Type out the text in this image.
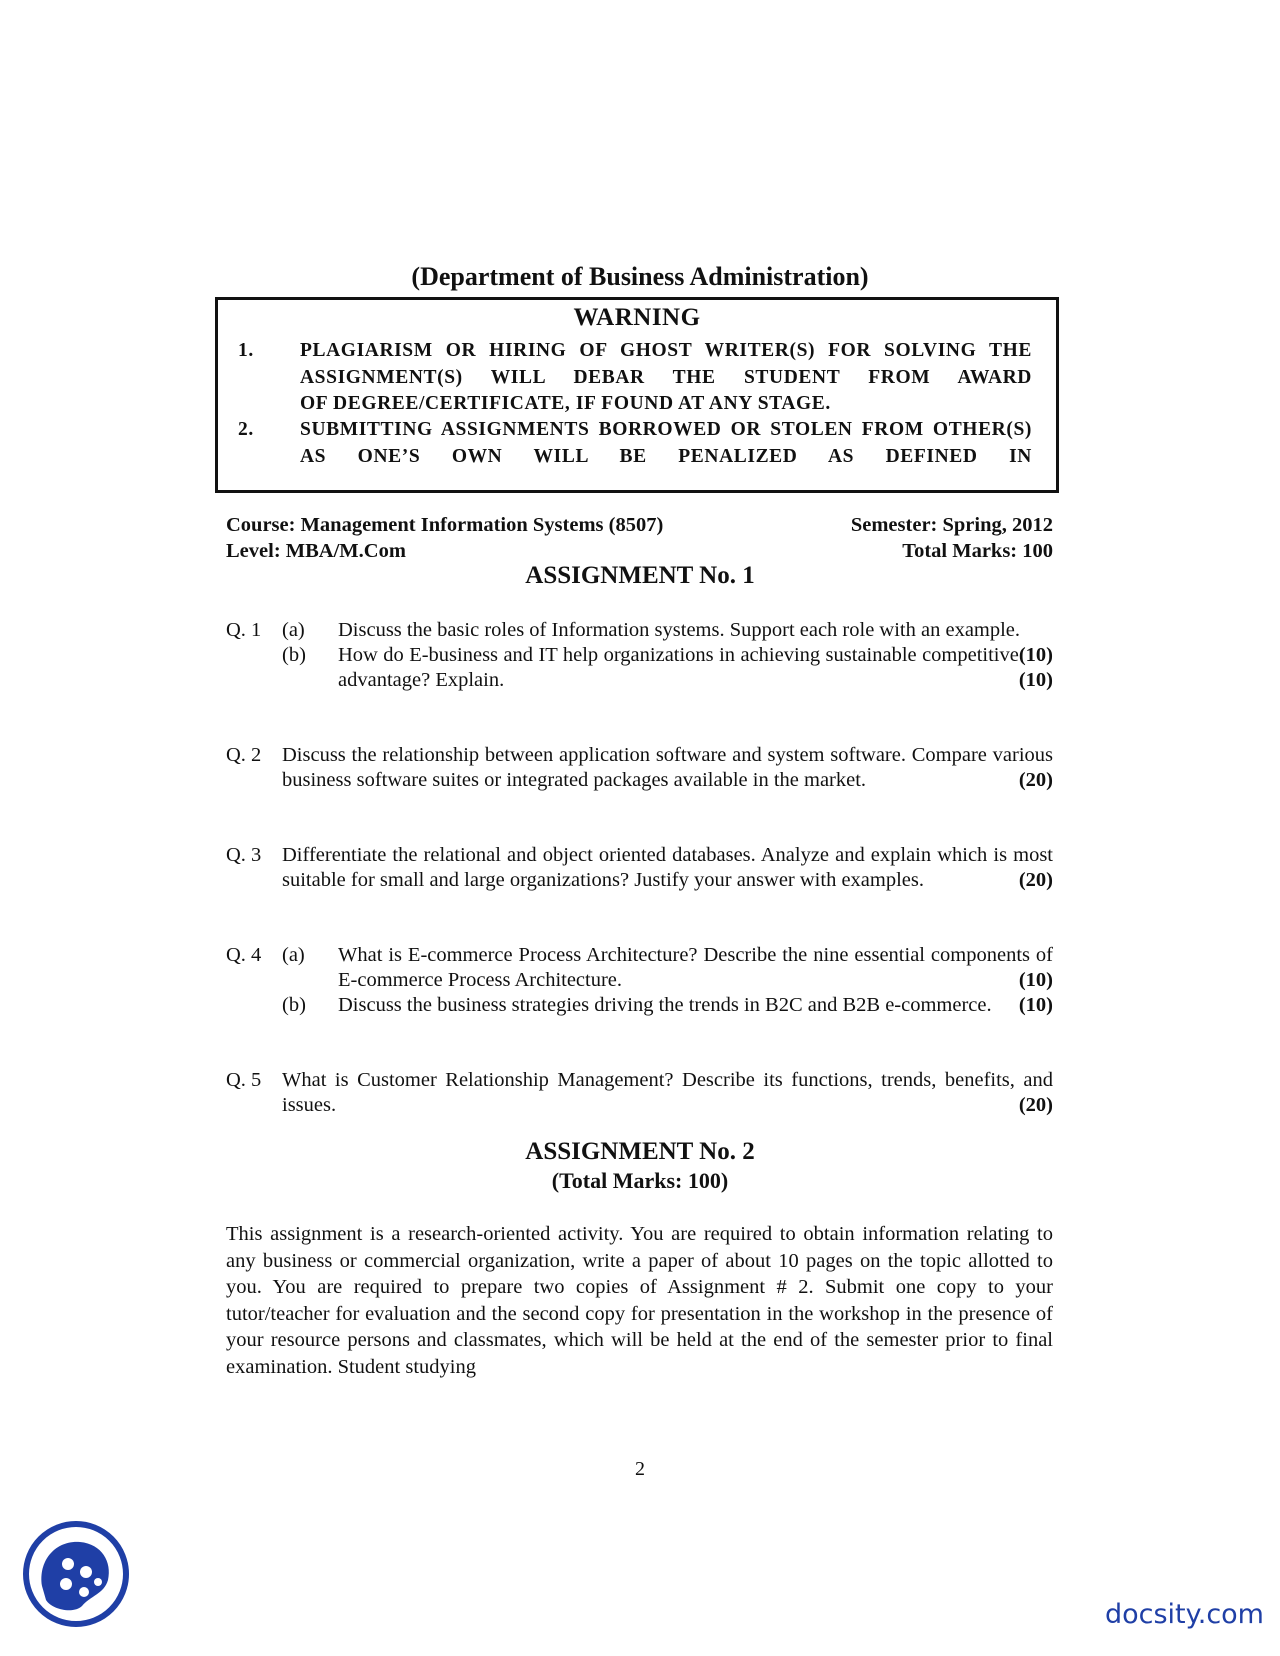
(Department of Business Administration)
WARNING
1.	PLAGIARISM OR HIRING OF GHOST WRITER(S) FOR SOLVING THE ASSIGNMENT(S) WILL DEBAR THE STUDENT FROM AWARD
OF DEGREE/CERTIFICATE, IF FOUND AT ANY STAGE.
2.	SUBMITTING ASSIGNMENTS BORROWED OR STOLEN FROM OTHER(S) AS ONE’S OWN WILL BE PENALIZED AS DEFINED IN
Course: Management Information Systems (8507)	Semester: Spring, 2012
Level: MBA/M.Com	Total Marks: 100
ASSIGNMENT No. 1
Q. 1 (a) Discuss the basic roles of Information systems. Support each role with an example.
(10)
(b) How do E-business and IT help organizations in achieving sustainable competitive advantage? Explain.	(10)
Q. 2 Discuss the relationship between application software and system software. Compare various business software suites or integrated packages available in the market.	(20)
Q. 3 Differentiate the relational and object oriented databases. Analyze and explain which is most suitable for small and large organizations? Justify your answer with examples.	(20)
Q. 4 (a) What is E-commerce Process Architecture? Describe the nine essential components of E-commerce Process Architecture.	(10)
(b) Discuss the business strategies driving the trends in B2C and B2B e-commerce. (10)
Q. 5 What is Customer Relationship Management? Describe its functions, trends, benefits, and issues.	(20)
ASSIGNMENT No. 2
(Total Marks: 100)
This assignment is a research-oriented activity. You are required to obtain information relating to any business or commercial organization, write a paper of about 10 pages on the topic allotted to you. You are required to prepare two copies of Assignment # 2. Submit one copy to your tutor/teacher for evaluation and the second copy for presentation in the workshop in the presence of your resource persons and classmates, which will be held at the end of the semester prior to final examination. Student studying
2
docsity.com
